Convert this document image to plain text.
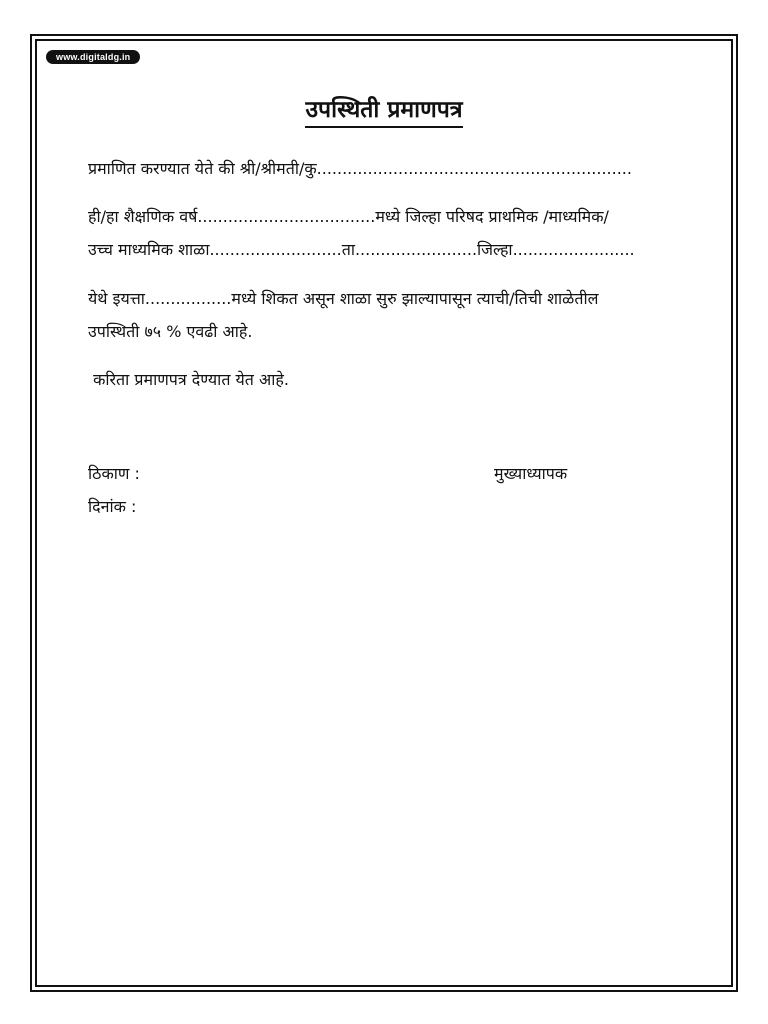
www.digitaldg.in
उपस्थिती प्रमाणपत्र
प्रमाणित करण्यात येते की श्री/श्रीमती/कु..............................................................
ही/हा शैक्षणिक वर्ष...................................मध्ये जिल्हा परिषद प्राथमिक /माध्यमिक/
उच्च माध्यमिक शाळा..........................ता........................जिल्हा........................
येथे इयत्ता.................मध्ये शिकत असून शाळा सुरु झाल्यापासून त्याची/तिची शाळेतील
उपस्थिती ७५ % एवढी आहे.
करिता प्रमाणपत्र देण्यात येत आहे.
ठिकाण :
दिनांक :
मुख्याध्यापक
